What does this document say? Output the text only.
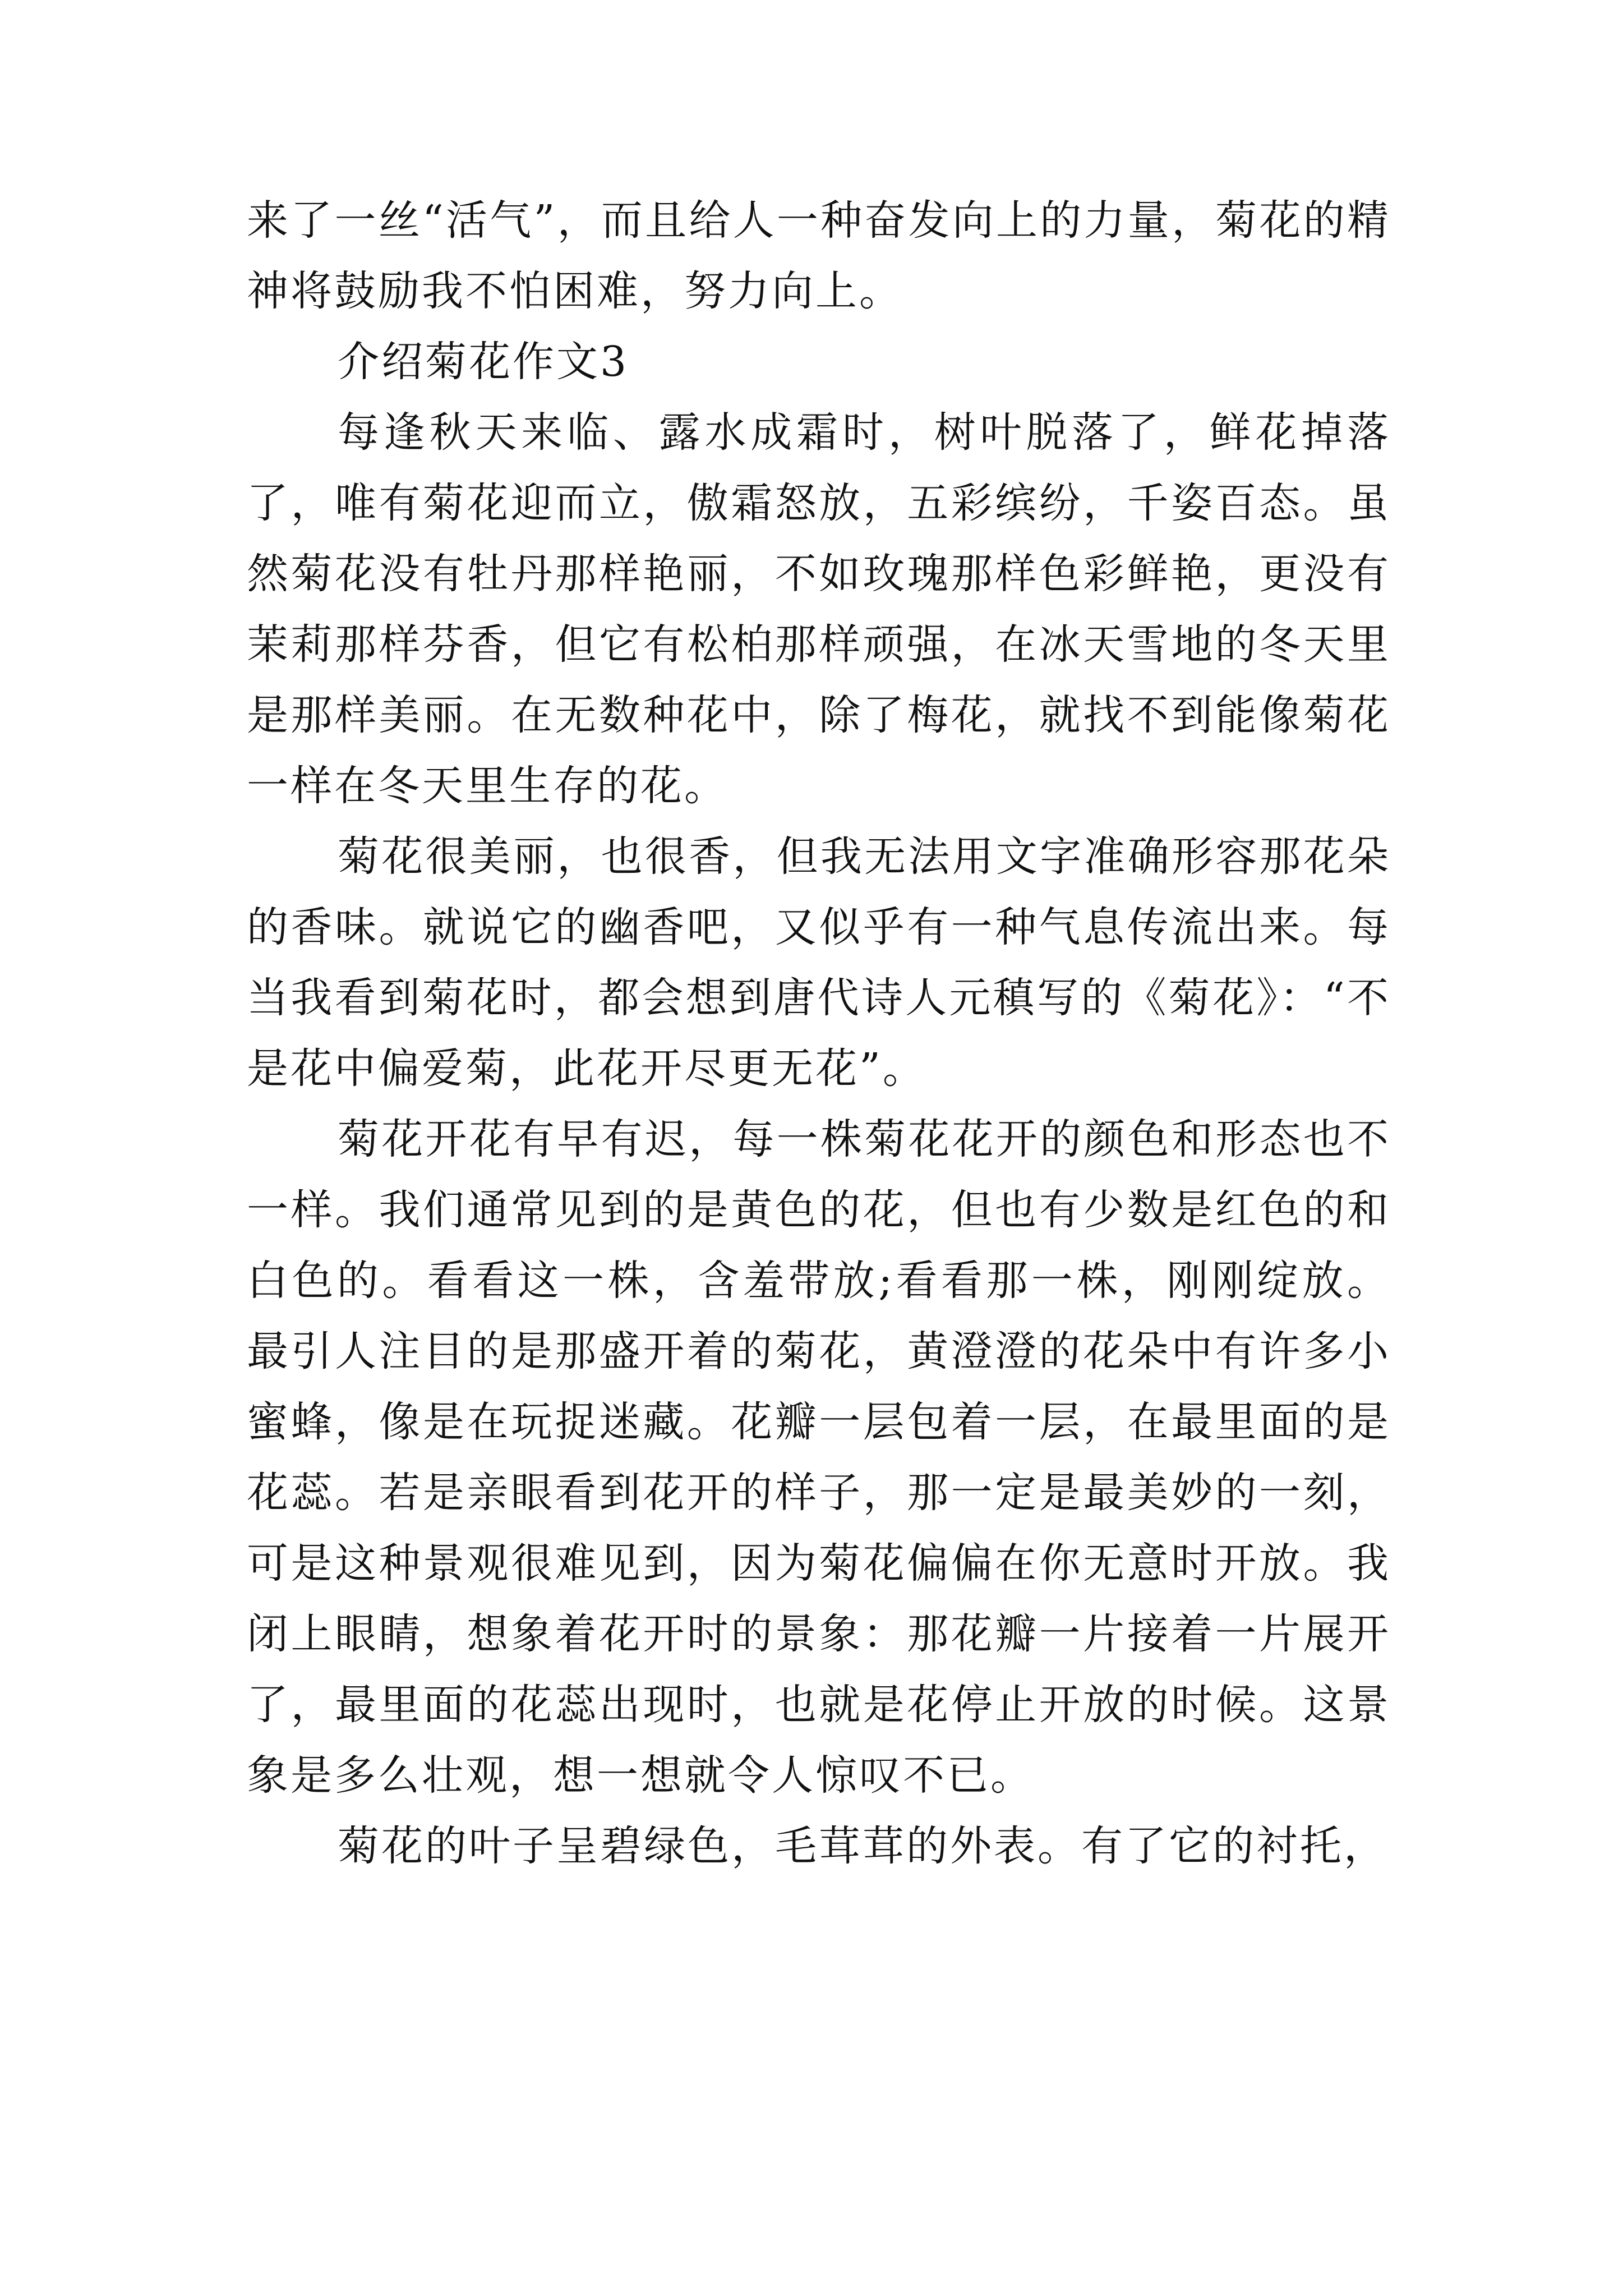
来了一丝“活气”，而且给人一种奋发向上的力量，菊花的精神将鼓励我不怕困难，努力向上。

介绍菊花作文3

每逢秋天来临、露水成霜时，树叶脱落了，鲜花掉落了，唯有菊花迎而立，傲霜怒放，五彩缤纷，千姿百态。虽然菊花没有牡丹那样艳丽，不如玫瑰那样色彩鲜艳，更没有茉莉那样芬香，但它有松柏那样顽强，在冰天雪地的冬天里是那样美丽。在无数种花中，除了梅花，就找不到能像菊花一样在冬天里生存的花。

菊花很美丽，也很香，但我无法用文字准确形容那花朵的香味。就说它的幽香吧，又似乎有一种气息传流出来。每当我看到菊花时，都会想到唐代诗人元稹写的《菊花》：“不是花中偏爱菊，此花开尽更无花”。

菊花开花有早有迟，每一株菊花花开的颜色和形态也不一样。我们通常见到的是黄色的花，但也有少数是红色的和白色的。看看这一株，含羞带放;看看那一株，刚刚绽放。最引人注目的是那盛开着的菊花，黄澄澄的花朵中有许多小蜜蜂，像是在玩捉迷藏。花瓣一层包着一层，在最里面的是花蕊。若是亲眼看到花开的样子，那一定是最美妙的一刻，可是这种景观很难见到，因为菊花偏偏在你无意时开放。我闭上眼睛，想象着花开时的景象：那花瓣一片接着一片展开了，最里面的花蕊出现时，也就是花停止开放的时候。这景象是多么壮观，想一想就令人惊叹不已。

菊花的叶子呈碧绿色，毛茸茸的外表。有了它的衬托，
